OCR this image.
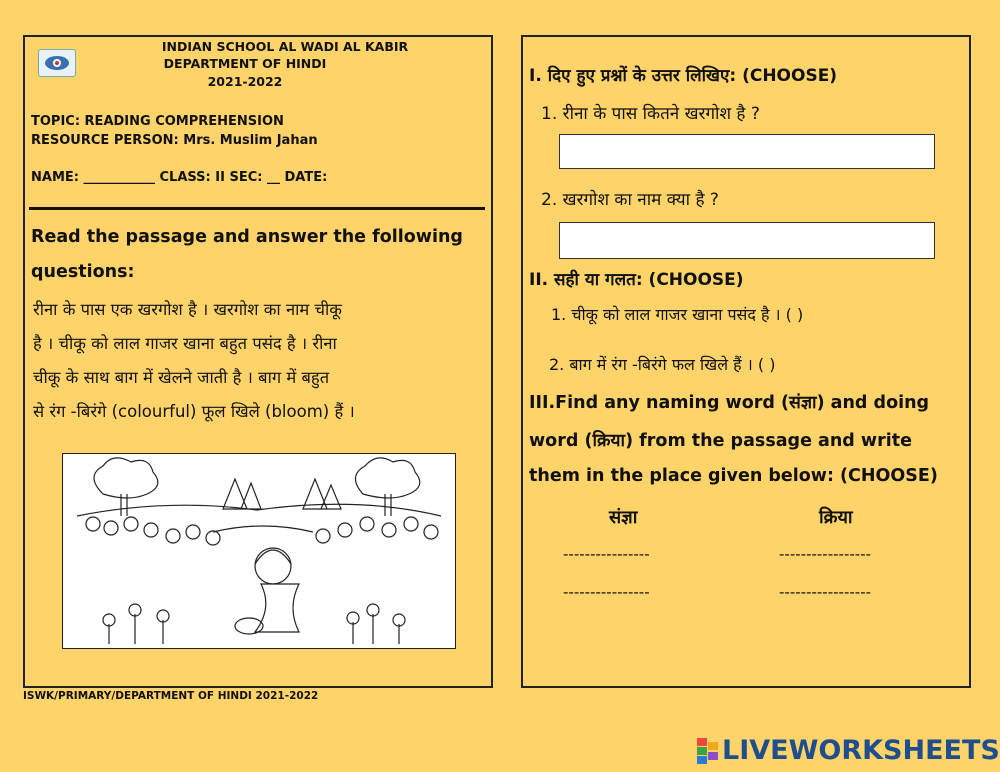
INDIAN SCHOOL AL WADI AL KABIR
DEPARTMENT OF HINDI
2021-2022
TOPIC: READING COMPREHENSION
RESOURCE PERSON: Mrs. Muslim Jahan
NAME: ___________ CLASS: II SEC: __ DATE:
Read the passage and answer the following
questions:
रीना के पास एक खरगोश है । खरगोश का नाम चीकू
है । चीकू को लाल गाजर खाना बहुत पसंद है । रीना
चीकू के साथ बाग में खेलने जाती है । बाग में बहुत
से रंग -बिरंगे (colourful) फूल खिले (bloom) हैं ।
I. दिए हुए प्रश्नों के उत्तर लिखिए: (CHOOSE)
1. रीना के पास कितने खरगोश है ?
2. खरगोश का नाम क्या है ?
II. सही या गलत: (CHOOSE)
1. चीकू को लाल गाजर खाना पसंद है । ( )
2. बाग में रंग -बिरंगे फल खिले हैं । ( )
III.Find any naming word (संज्ञा) and doing
word (क्रिया) from the passage and write
them in the place given below: (CHOOSE)
संज्ञा	क्रिया
----------------	-----------------
----------------	-----------------
ISWK/PRIMARY/DEPARTMENT OF HINDI 2021-2022
LIVEWORKSHEETS
